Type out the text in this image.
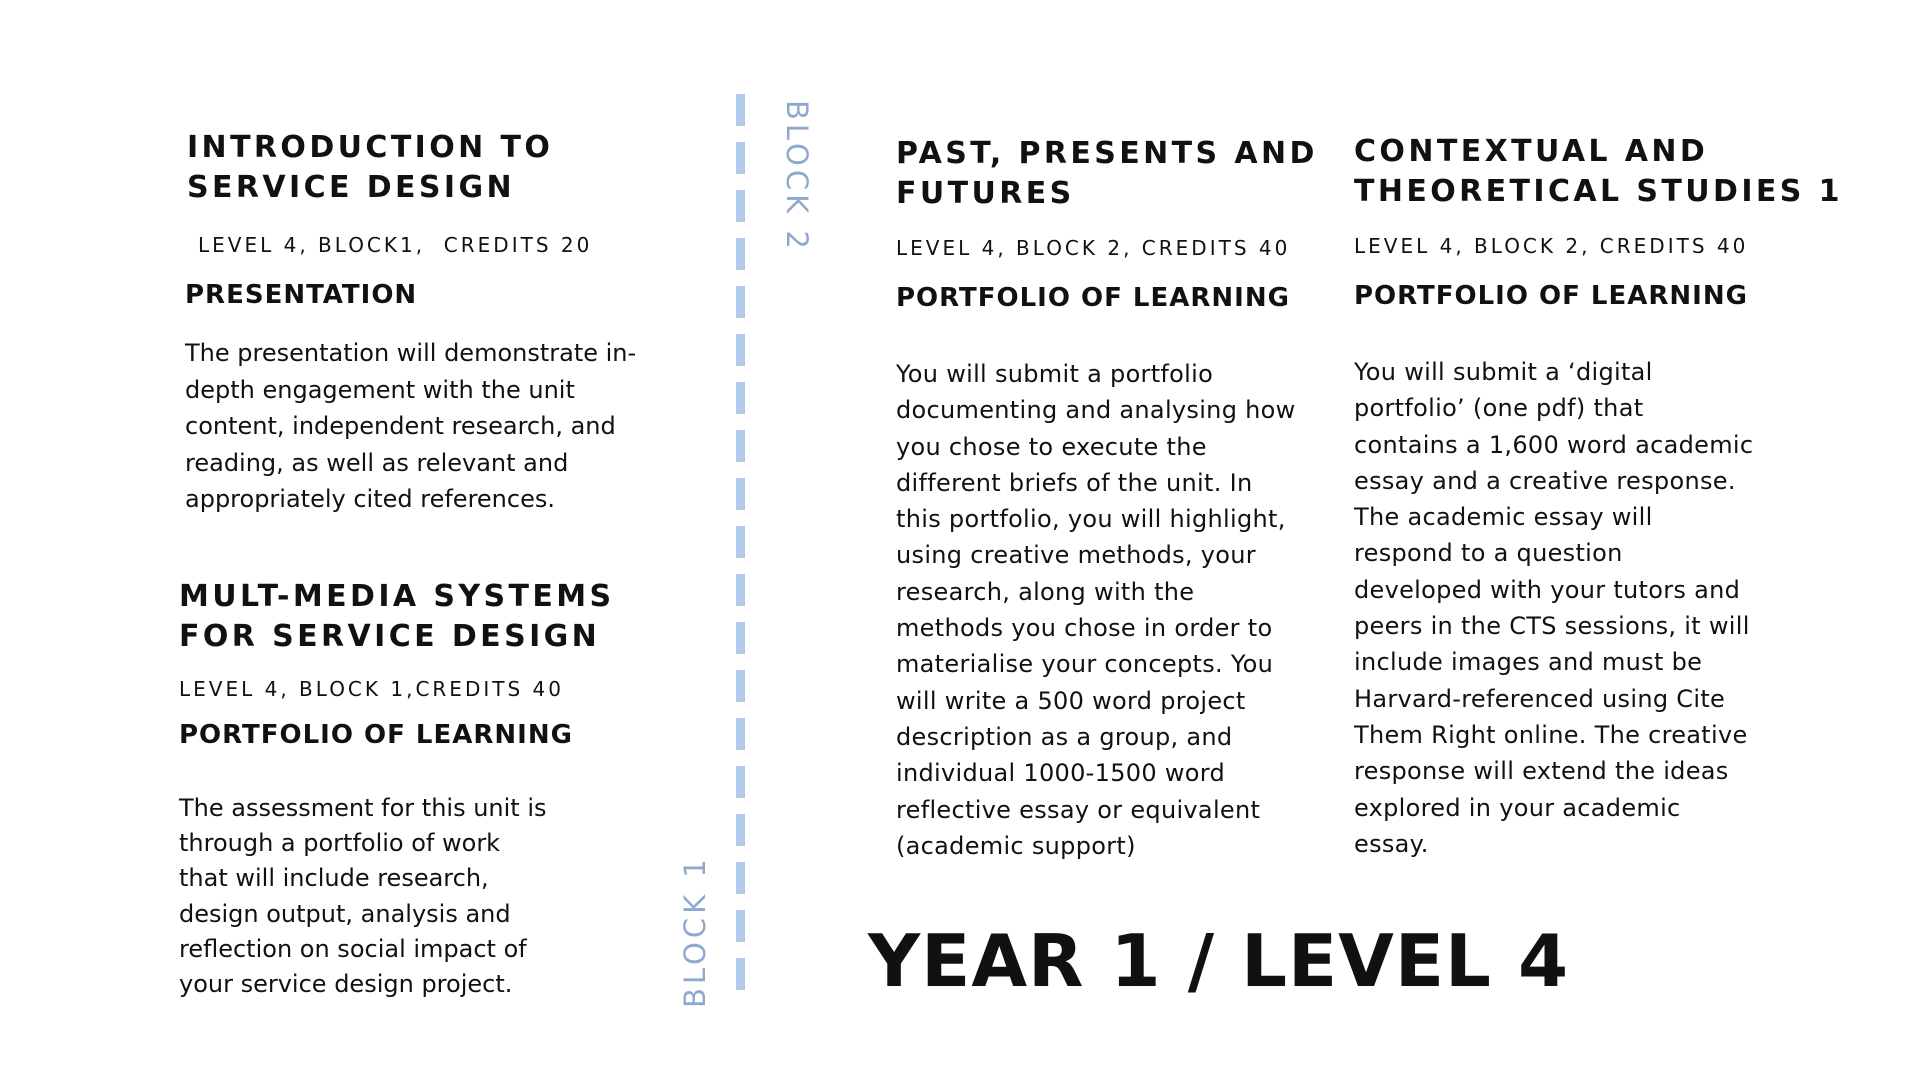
INTRODUCTION TO
SERVICE DESIGN
LEVEL 4, BLOCK1,  CREDITS 20
PRESENTATION

The presentation will demonstrate in-
depth engagement with the unit
content, independent research, and
reading, as well as relevant and
appropriately cited references.

MULT-MEDIA SYSTEMS
FOR SERVICE DESIGN
LEVEL 4, BLOCK 1,CREDITS 40
PORTFOLIO OF LEARNING

The assessment for this unit is
through a portfolio of work
that will include research,
design output, analysis and
reflection on social impact of
your service design project.

BLOCK 2
BLOCK 1
PAST, PRESENTS AND
FUTURES
LEVEL 4, BLOCK 2, CREDITS 40
PORTFOLIO OF LEARNING

You will submit a portfolio
documenting and analysing how
you chose to execute the
different briefs of the unit. In
this portfolio, you will highlight,
using creative methods, your
research, along with the
methods you chose in order to
materialise your concepts. You
will write a 500 word project
description as a group, and
individual 1000-1500 word
reflective essay or equivalent
(academic support)

CONTEXTUAL AND
THEORETICAL STUDIES 1
LEVEL 4, BLOCK 2, CREDITS 40
PORTFOLIO OF LEARNING

You will submit a ‘digital
portfolio’ (one pdf) that
contains a 1,600 word academic
essay and a creative response.
The academic essay will
respond to a question
developed with your tutors and
peers in the CTS sessions, it will
include images and must be
Harvard-referenced using Cite
Them Right online. The creative
response will extend the ideas
explored in your academic
essay.

YEAR 1 / LEVEL 4
